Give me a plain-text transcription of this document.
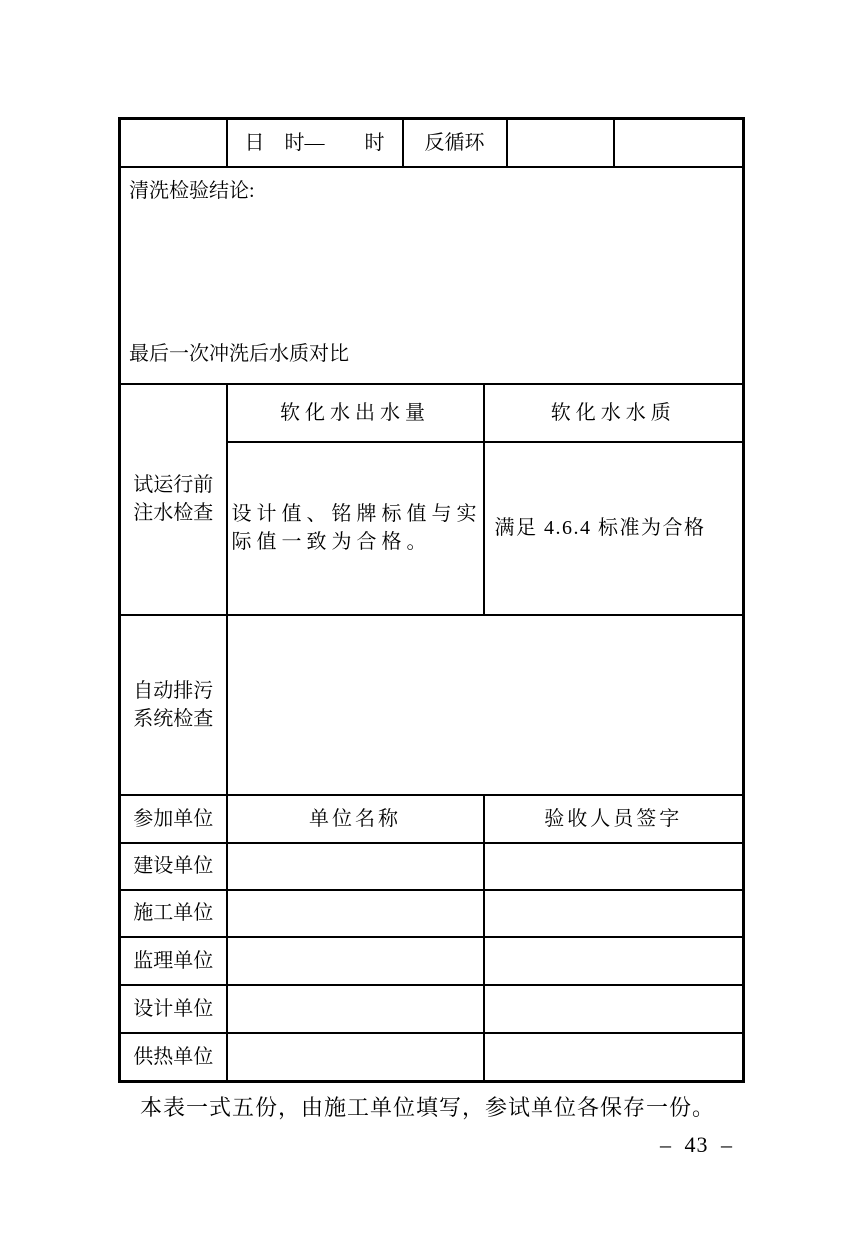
	日　时—　　时	反循环			

清洗检验结论:
最后一次冲洗后水质对比					

试运行前注水检查	软化水出水量		软化水水质		
	设计值、铭牌标值与实际值一致为合格。		满足 4.6.4 标准为合格		
自动排污系统检查					
参加单位	单位名称		验收人员签字		
建设单位					
施工单位					
监理单位					
设计单位					
供热单位					
本表一式五份，由施工单位填写，参试单位各保存一份。
– 43 –
